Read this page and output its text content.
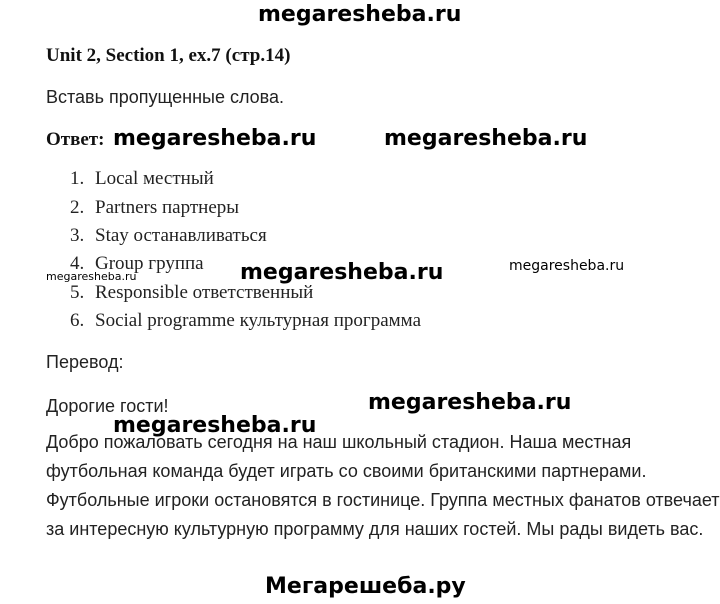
megaresheba.ru
Unit 2, Section 1, ex.7 (стр.14)
Вставь пропущенные слова.
Ответ: megaresheba.ru	megaresheba.ru
1. Local местный
2. Partners партнеры
3. Stay останавливаться
4. Group группа
5. Responsible ответственный
6. Social programme культурная программа
megaresheba.ru	megaresheba.ru	megaresheba.ru
Перевод:
Дорогие гости!	megaresheba.ru
megaresheba.ru
Добро пожаловать сегодня на наш школьный стадион. Наша местная футбольная команда будет играть со своими британскими партнерами. Футбольные игроки остановятся в гостинице. Группа местных фанатов отвечает за интересную культурную программу для наших гостей. Мы рады видеть вас.
Мегарешеба.ру
